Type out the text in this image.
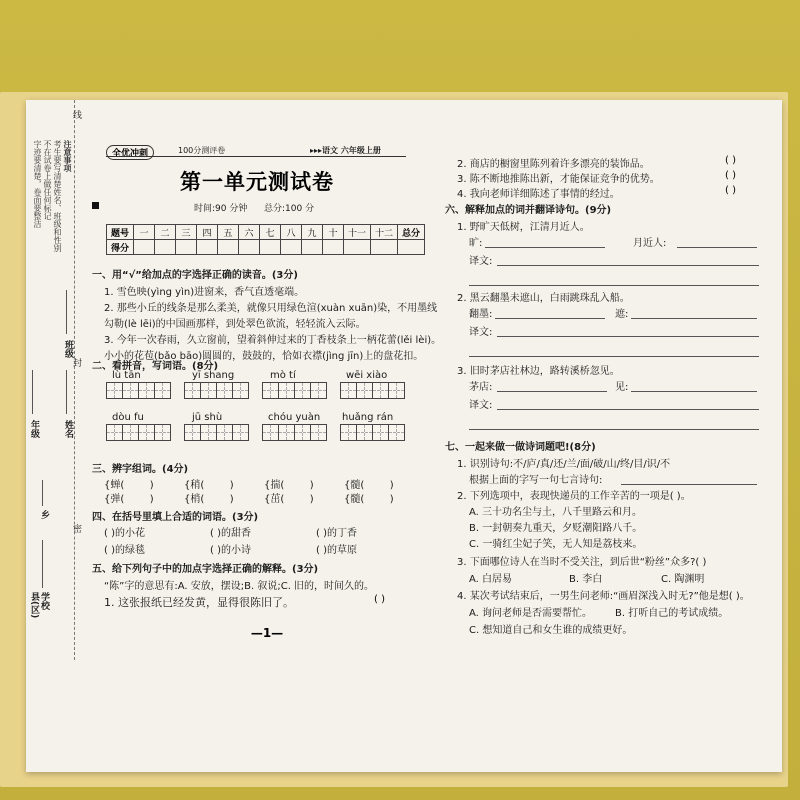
注意事项
考生要写清楚姓名、班级和性别
不在试卷上做任何标记
字迹要清楚，卷面要整洁
班级
姓名
年级
乡
县(区) 学校
封
线
密
全优冲刺	100分测评卷	▸▸▸语文 六年级上册
第一单元测试卷
时间:90 分钟 总分:100 分
题号	一	二	三	四	五	六	七	八	九	十	十一	十二	总分
得分													
一、用“√”给加点的字选择正确的读音。(3分)
1. 雪色映(yìng yìn)进窗来，香气直透毫端。
2. 那些小丘的线条是那么柔美，就像只用绿色渲(xuàn xuān)染，不用墨线
勾勒(lè lēi)的中国画那样，到处翠色欲流，轻轻流入云际。
3. 今年一次春雨，久立窗前，望着斜伸过来的丁香枝条上一柄花蕾(lěi lèi)。
小小的花苞(bǎo bāo)圆圆的，鼓鼓的，恰如衣襟(jìng jīn)上的盘花扣。
二、看拼音，写词语。(8分)
lù tān	yī shang	mò tí	wēi xiào
dòu fu	jū shù	chóu yuàn huǎng rán
三、辨字组词。(4分)
{蝉(	)	{稍(	)	{揣(	)	{髓(	)
{弹(	)	{梢(	)	{茁(	)	{髓(	)
四、在括号里填上合适的词语。(3分)
( )的小花	( )的甜香	( )的丁香
( )的绿毯	( )的小诗	( )的草原
五、给下列句子中的加点字选择正确的解释。(3分)
“陈”字的意思有:A. 安放，摆设;B. 叙说;C. 旧的，时间久的。
1. 这张报纸已经发黄，显得很陈旧了。	( )
—1—
2. 商店的橱窗里陈列着许多漂亮的装饰品。	( )
3. 陈不断地推陈出新，才能保证竞争的优势。	( )
4. 我向老师详细陈述了事情的经过。	( )
六、解释加点的词并翻译诗句。(9分)
1. 野旷天低树，江清月近人。
旷:	月近人:
译文:
2. 黑云翻墨未遮山，白雨跳珠乱入船。
翻墨:	遮:
译文:
3. 旧时茅店社林边，路转溪桥忽见。
茅店:	见:
译文:
七、一起来做一做诗词题吧!(8分)
1. 识别诗句:不/庐/真/还/兰/面/破/山/终/目/识/不
根据上面的字写一句七言诗句:
2. 下列选项中，表现快递员的工作辛苦的一项是( )。
A. 三十功名尘与土，八千里路云和月。
B. 一封朝奏九重天，夕贬潮阳路八千。
C. 一骑红尘妃子笑，无人知是荔枝来。
3. 下面哪位诗人在当时不受关注，到后世“粉丝”众多?( )
A. 白居易	B. 李白	C. 陶渊明
4. 某次考试结束后，一男生问老师:“画眉深浅入时无?”他是想( )。
A. 询问老师是否需要帮忙。 B. 打听自己的考试成绩。
C. 想知道自己和女生谁的成绩更好。
